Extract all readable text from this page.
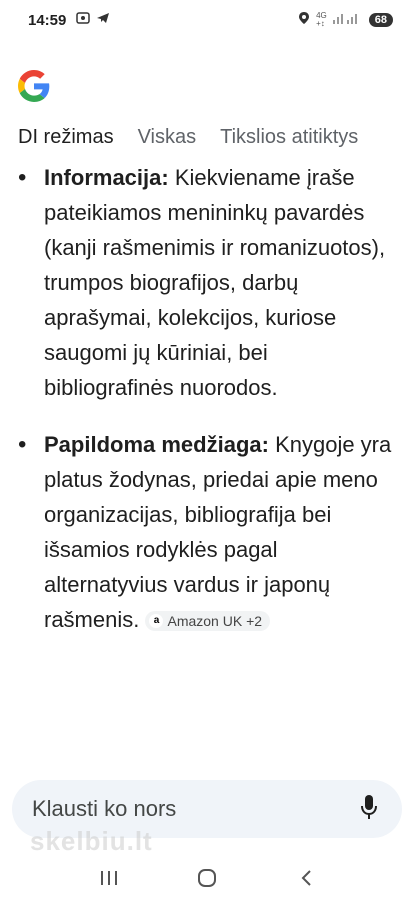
14:59	4G
+↕	68
DI režimas Viskas Tikslios atitiktys
• Informacija: Kiekviename įraše pateikiamos menininkų pavardės (kanji rašmenimis ir romanizuotos), trumpos biografijos, darbų aprašymai, kolekcijos, kuriose saugomi jų kūriniai, bei bibliografinės nuorodos.
• Papildoma medžiaga: Knygoje yra platus žodynas, priedai apie meno organizacijas, bibliografija bei išsamios rodyklės pagal alternatyvius vardus ir japonų rašmenis. a Amazon UK +2
Klausti ko nors
skelbiu.lt
